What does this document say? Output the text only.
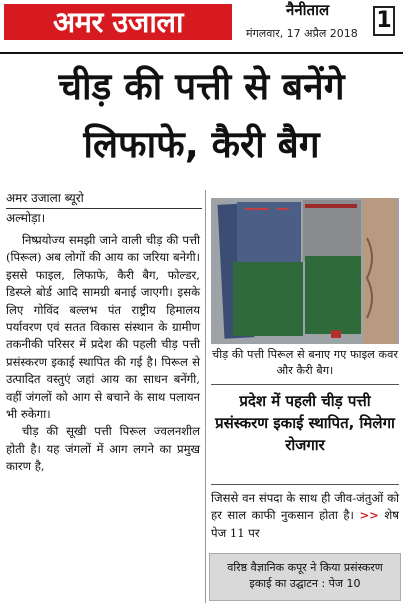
अमर उजाला	नैनीताल 1
मंगलवार, 17 अप्रैल 2018
चीड़ की पत्ती से बनेंगे
लिफाफे, कैरी बैग
अमर उजाला ब्यूरो
अल्मोड़ा।

निष्प्रयोज्य समझी जाने वाली चीड़ की पत्ती (पिरूल) अब लोगों की आय का जरिया बनेगी। इससे फाइल, लिफाफे, कैरी बैग, फोल्डर, डिस्प्ले बोर्ड आदि सामग्री बनाई जाएगी। इसके लिए गोविंद बल्लभ पंत राष्ट्रीय हिमालय पर्यावरण एवं सतत विकास संस्थान के ग्रामीण तकनीकी परिसर में प्रदेश की पहली चीड़ पत्ती प्रसंस्करण इकाई स्थापित की गई है। पिरूल से उत्पादित वस्तुएं जहां आय का साधन बनेंगी, वहीं जंगलों को आग से बचाने के साथ पलायन भी रुकेगा।

चीड़ की सूखी पत्ती पिरूल ज्वलनशील होती है। यह जंगलों में आग लगने का प्रमुख कारण है,

चीड़ की पत्ती पिरूल से बनाए गए फाइल कवर और कैरी बैग।
प्रदेश में पहली चीड़ पत्ती प्रसंस्करण इकाई स्थापित, मिलेगा रोजगार
जिससे वन संपदा के साथ ही जीव-जंतुओं को हर साल काफी नुकसान होता है। >> शेष पेज 11 पर
वरिष्ठ वैज्ञानिक कपूर ने किया प्रसंस्करण
इकाई का उद्घाटन : पेज 10
